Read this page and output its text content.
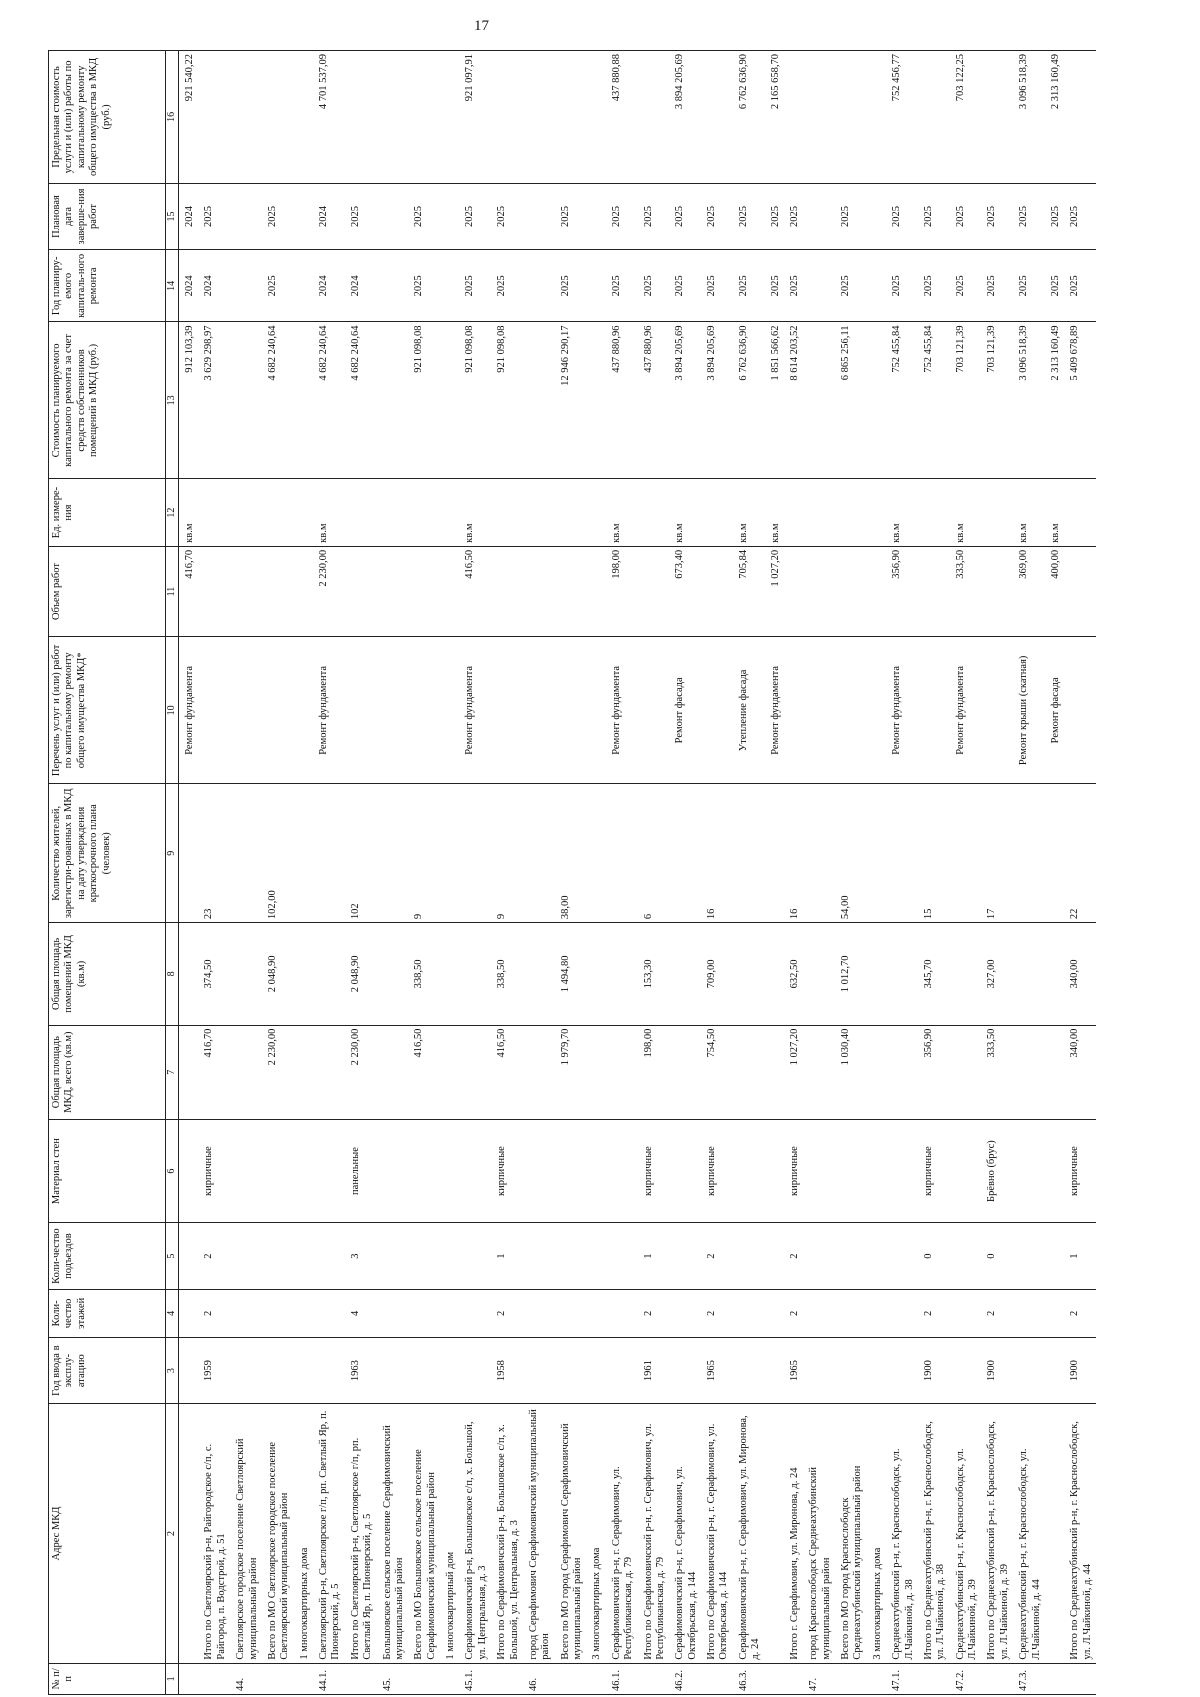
17
№ п/п	Адрес МКД	Год ввода в эксплу-атацию	Коли-чество этажей	Коли-чество подъездов	Материал стен	Общая площадь МКД, всего (кв.м)	Общая площадь помещений МКД (кв.м)	Количество жителей, зарегистри-рованных в МКД на дату утверждения краткосрочного плана (человек)	Перечень услуг и (или) работ по капитальному ремонту общего имущества МКД*	Объем работ	Ед. измере-ния	Стоимость планируемого капитального ремонта за счет средств собственников помещений в МКД (руб.)	Год планиру-емого капиталь-ного ремонта	Плановая дата заверше-ния работ	Предельная стоимость услуги и (или) работы по капитальному ремонту общего имущества в МКД (руб.)
1	2	3	4	5	6	7	8	9	10	11	12	13	14	15	16
									Ремонт фундамента	416,70	кв.м	912 103,39	2024	2024	921 540,22
	Итого по Светлоярский р-н, Райгородское с/п, с. Райгород, п. Водстрой, д. 51	1959	2	2	кирпичные	416,70	374,50	23				3 629 298,97	2024	2025	
44.	Светлоярское городское поселение Светлоярский муниципальный район														
	Всего по МО Светлоярское городское поселение Светлоярский муниципальный район					2 230,00	2 048,90	102,00				4 682 240,64	2025	2025	
	1 многоквартирных дома														
44.1.	Светлоярский р-н, Светлоярское г/п, рп. Светлый Яр, п. Пионерский, д. 5								Ремонт фундамента	2 230,00	кв.м	4 682 240,64	2024	2024	4 701 537,09
	Итого по Светлоярский р-н, Светлоярское г/п, рп. Светлый Яр, п. Пионерский, д. 5	1963	4	3	панельные	2 230,00	2 048,90	102				4 682 240,64	2024	2025	
45.	Большовское сельское поселение Серафимовичский муниципальный район														
	Всего по МО Большовское сельское поселение Серафимовичский муниципальный район					416,50	338,50	9				921 098,08	2025	2025	
	1 многоквартирный дом														
45.1.	Серафимовичский р-н, Большовское с/п, х. Большой, ул. Центральная, д. 3								Ремонт фундамента	416,50	кв.м	921 098,08	2025	2025	921 097,91
	Итого по Серафимовичский р-н, Большовское с/п, х. Большой, ул. Центральная, д. 3	1958	2	1	кирпичные	416,50	338,50	9				921 098,08	2025	2025	
46.	город Серафимович Серафимовичский муниципальный район														
	Всего по МО город Серафимович Серафимовичский муниципальный район					1 979,70	1 494,80	38,00				12 946 290,17	2025	2025	
	3 многоквартирных дома														
46.1.	Серафимовичский р-н, г. Серафимович, ул. Республиканская, д. 79								Ремонт фундамента	198,00	кв.м	437 880,96	2025	2025	437 880,88
	Итого по Серафимовичский р-н, г. Серафимович, ул. Республиканская, д. 79	1961	2	1	кирпичные	198,00	153,30	6				437 880,96	2025	2025	
46.2.	Серафимовичский р-н, г. Серафимович, ул. Октябрьская, д. 144								Ремонт фасада	673,40	кв.м	3 894 205,69	2025	2025	3 894 205,69
	Итого по Серафимовичский р-н, г. Серафимович, ул. Октябрьская, д. 144	1965	2	2	кирпичные	754,50	709,00	16				3 894 205,69	2025	2025	
46.3.	Серафимовичский р-н, г. Серафимович, ул. Миронова, д. 24								Утепление фасада	705,84	кв.м	6 762 636,90	2025	2025	6 762 636,90
									Ремонт фундамента	1 027,20	кв.м	1 851 566,62	2025	2025	2 165 658,70
	Итого г. Серафимович, ул. Миронова, д. 24	1965	2	2	кирпичные	1 027,20	632,50	16				8 614 203,52	2025	2025	
47.	город Краснослободск Среднеахтубинский муниципальный район														
	Всего по МО город Краснослободск Среднеахтубинский муниципальный район					1 030,40	1 012,70	54,00				6 865 256,11	2025	2025	
	3 многоквартирных дома														
47.1.	Среднеахтубинский р-н, г. Краснослободск, ул. Л.Чайкиной, д. 38								Ремонт фундамента	356,90	кв.м	752 455,84	2025	2025	752 456,77
	Итого по Среднеахтубинский р-н, г. Краснослободск, ул. Л.Чайкиной, д. 38	1900	2	0	кирпичные	356,90	345,70	15				752 455,84	2025	2025	
47.2.	Среднеахтубинский р-н, г. Краснослободск, ул. Л.Чайкиной, д. 39								Ремонт фундамента	333,50	кв.м	703 121,39	2025	2025	703 122,25
	Итого по Среднеахтубинский р-н, г. Краснослободск, ул. Л.Чайкиной, д. 39	1900	2	0	Брёвно (брус)	333,50	327,00	17				703 121,39	2025	2025	
47.3.	Среднеахтубинский р-н, г. Краснослободск, ул. Л.Чайкиной, д. 44								Ремонт крыши (скатная)	369,00	кв.м	3 096 518,39	2025	2025	3 096 518,39
									Ремонт фасада	400,00	кв.м	2 313 160,49	2025	2025	2 313 160,49
	Итого по Среднеахтубинский р-н, г. Краснослободск, ул. Л.Чайкиной, д. 44	1900	2	1	кирпичные	340,00	340,00	22				5 409 678,89	2025	2025	
